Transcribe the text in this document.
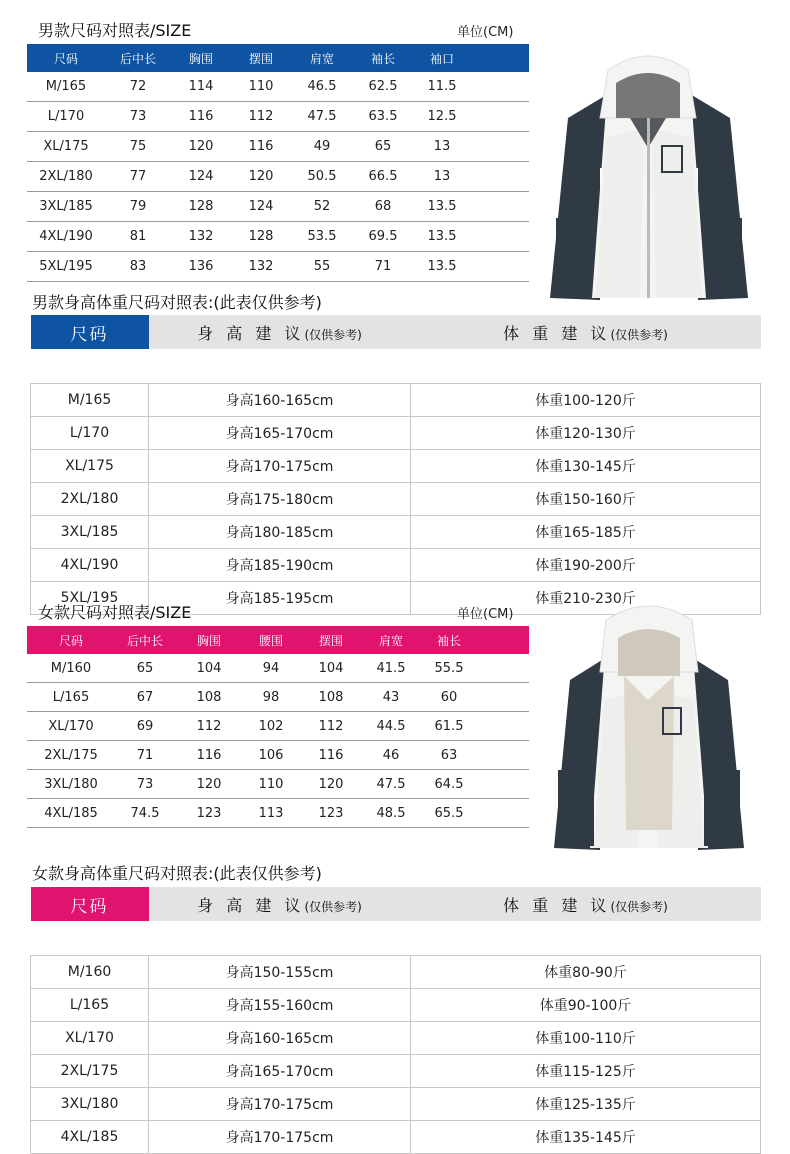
男款尺码对照表/SIZE	单位(CM)
尺码	后中长	胸围	摆围	肩宽	袖长	袖口	
M/165	72	114	110	46.5	62.5	11.5	
L/170	73	116	112	47.5	63.5	12.5	
XL/175	75	120	116	49	65	13	
2XL/180	77	124	120	50.5	66.5	13	
3XL/185	79	128	124	52	68	13.5	
4XL/190	81	132	128	53.5	69.5	13.5	
5XL/195	83	136	132	55	71	13.5	
男款身高体重尺码对照表:(此表仅供参考)
尺码	身 高 建 议(仅供参考)	体 重 建 议(仅供参考)

M/165	身高160-165cm	体重100-120斤
L/170	身高165-170cm	体重120-130斤
XL/175	身高170-175cm	体重130-145斤
2XL/180	身高175-180cm	体重150-160斤
3XL/185	身高180-185cm	体重165-185斤
4XL/190	身高185-190cm	体重190-200斤
5XL/195	身高185-195cm	体重210-230斤
女款尺码对照表/SIZE	单位(CM)
尺码	后中长	胸围	腰围	摆围	肩宽	袖长	
M/160	65	104	94	104	41.5	55.5	
L/165	67	108	98	108	43	60	
XL/170	69	112	102	112	44.5	61.5	
2XL/175	71	116	106	116	46	63	
3XL/180	73	120	110	120	47.5	64.5	
4XL/185	74.5	123	113	123	48.5	65.5	
女款身高体重尺码对照表:(此表仅供参考)
尺码	身 高 建 议(仅供参考)	体 重 建 议(仅供参考)

M/160	身高150-155cm	体重80-90斤
L/165	身高155-160cm	体重90-100斤
XL/170	身高160-165cm	体重100-110斤
2XL/175	身高165-170cm	体重115-125斤
3XL/180	身高170-175cm	体重125-135斤
4XL/185	身高170-175cm	体重135-145斤
